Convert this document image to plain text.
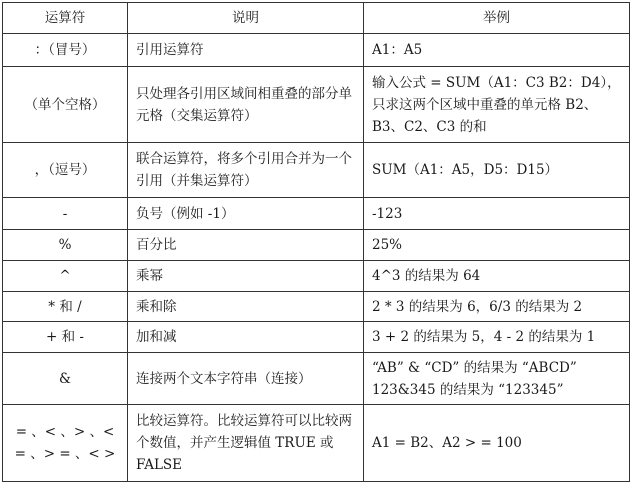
运算符	说明	举例
：（冒号）	引用运算符	A1：A5
（单个空格）	只处理各引用区域间相重叠的部分单元格（交集运算符）	输入公式 = SUM（A1：C3 B2：D4），只求这两个区域中重叠的单元格 B2、B3、C2、C3 的和
，（逗号）	联合运算符，将多个引用合并为一个引用（并集运算符）	SUM（A1：A5，D5：D15）
-	负号（例如 -1）	-123
%	百分比	25%
^	乘幂	4^3 的结果为 64
* 和 /	乘和除	2 * 3 的结果为 6，6/3 的结果为 2
+ 和 -	加和减	3 + 2 的结果为 5，4 - 2 的结果为 1
&	连接两个文本字符串（连接）	“AB” & “CD” 的结果为 “ABCD” 123&345 的结果为 “123345”
= 、< 、> 、< = 、> = 、< >	比较运算符。比较运算符可以比较两个数值，并产生逻辑值 TRUE 或 FALSE	A1 = B2、A2 > = 100
